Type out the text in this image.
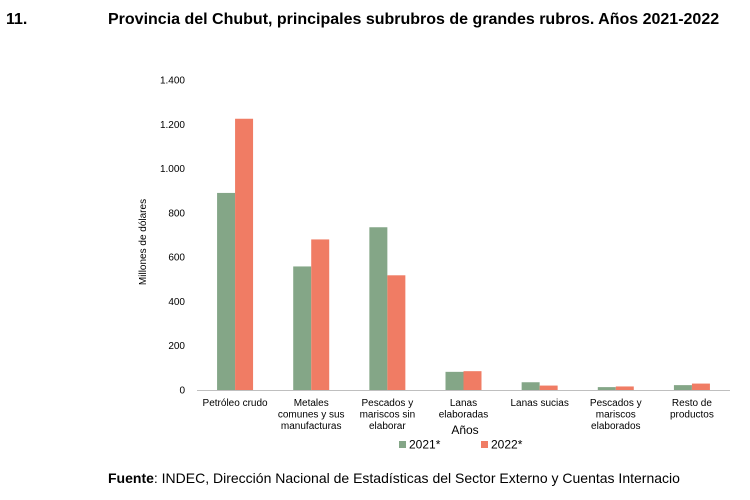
11.	Provincia del Chubut, principales subrubros de grandes rubros. Años 2021-2022
0
200
400
600
800
1.000
1.200
1.400
Petróleo crudo	Metales comunes y sus manufacturas
Pescados y mariscos sin elaborar
Lanas elaboradas
Lanas sucias Pescados y mariscos elaborados
Resto de productos
Millones de dólares
Años
2021*	2022*
Fuente: INDEC, Dirección Nacional de Estadísticas del Sector Externo y Cuentas Internacio
